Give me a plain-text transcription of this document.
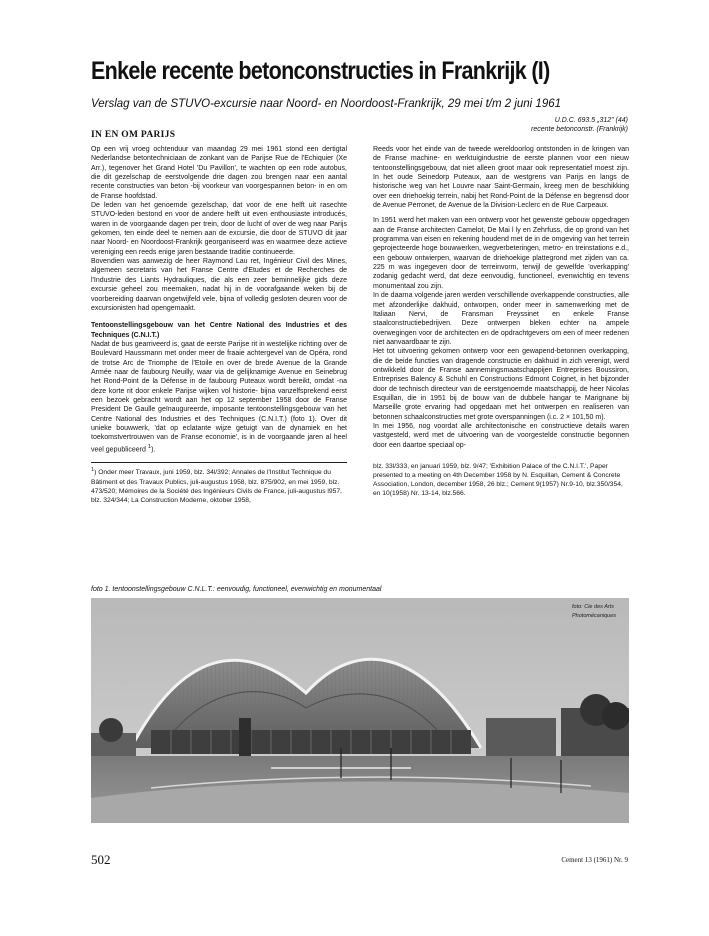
Enkele recente betonconstructies in Frankrijk (I)
Verslag van de STUVO-excursie naar Noord- en Noordoost-Frankrijk, 29 mei t/m 2 juni 1961
U.D.C. 693.5 „312" (44)
recente betonconstr. (Frankrijk)
IN EN OM PARIJS

Op een vrij vroeg ochtenduur van maandag 29 mei 1961 stond een dertigtal Nederlandse betontechniciaan de zonkant van de Parijse Rue de l'Echiquier (Xe Arr.), tegenover het Grand Hotel 'Du Pavillon', te wachten op een rode autobus, die dit gezelschap de eerstvolgende drie dagen zou brengen naar een aantal recente constructies van beton -bij voorkeur van voorgespannen beton- in en om de Franse hoofdstad.

De leden van het genoemde gezelschap, dat voor de ene helft uit rasechte STUVO-leden bestond en voor de andere helft uit even enthousiaste introducés, waren in de voorgaande dagen per trein, door de lucht of over de weg naar Parijs gekomen, ten einde deel te nemen aan de excursie, die door de STUVO dit jaar naar Noord- en Noordoost-Frankrijk georganiseerd was en waarmee deze actieve vereniging een reeds enige jaren bestaande traditie continueerde.

Bovendien was aanwezig de heer Raymond Lau ret, Ingénieur Civil des Mines, algemeen secretaris van het Franse Centre d'Etudes et de Recherches de l'Industrie des Liants Hydrauliques, die als een zeer beminnelijke gids deze excursie geheel zou meemaken, nadat hij in de voorafgaande weken bij de voorbereiding daarvan ongetwijfeld vele, bijna of volledig gesloten deuren voor de excursionisten had opengemaakt.

Tentoonstellingsgebouw van het Centre National des Industries et des Techniques (C.N.I.T.)

Nadat de bus gearriveerd is, gaat de eerste Parijse rit in westelijke richting over de Boulevard Haussmann met onder meer de fraaie achtergevel van de Opéra, rond de trotse Arc de Triomphe de l'Etoile en over de brede Avenue de la Grande Armée naar de faubourg Neuilly, waar via de gelijknamige Avenue en Seinebrug het Rond-Point de la Défense in de faubourg Puteaux wordt bereikt, omdat -na deze korte rit door enkele Parijse wijken vol historie- bijna vanzelfsprekend eerst een bezoek gebracht wordt aan het op 12 september 1958 door de Franse President De Gaulle geïnaugureerde, imposante tentoonstellingsgebouw van het Centre National des Industries et des Techniques (C.N.I.T.) (foto 1). Over dit unieke bouwwerk, 'dat op eclatante wijze getuigt van de dynamiek en het toekomstvertrouwen van de Franse economie', is in de voorgaande jaren al heel veel gepubliceerd $^1$).

$^1$) Onder meer Travaux, juni 1959, blz. 34l/392; Annales de l'Institut Technique du Bâtiment et des Travaux Publics, juli-augustus 1958, blz. 875/902, en mei 1959, blz. 473/520; Mémoires de la Société des Ingénieurs Civils de France, juli-augustus l957, blz. 324/344; La Construction Moderne, oktober 1958,

Reeds voor het einde van de tweede wereldoorlog ontstonden in de kringen van de Franse machine- en werktuigindustrie de eerste plannen voor een nieuw tentoonstellingsgebouw, dat niet alleen groot maar ook representatief moest zijn. In het oude Seinedorp Puteaux, aan de westgrens van Parijs en langs de historische weg van het Louvre naar Saint-Germain, kreeg men de beschikking over een driehoekig terrein, nabij het Rond-Point de la Défense en begrensd door de Avenue Perronet, de Avenue de la Division-Leclerc en de Rue Carpeaux.

In 1951 werd het maken van een ontwerp voor het gewenste gebouw opgedragen aan de Franse architecten Camelot, De Mai l ly en Zehrfuss, die op grond van het programma van eisen en rekening houdend met de in de omgeving van het terrein geprojecteerde hoge bouwwerken, wegverbeteringen, metro- en treinstations e.d., een gebouw ontwierpen, waarvan de driehoekige plattegrond met zijden van ca. 225 m was ingegeven door de terreinvorm, terwijl de gewelfde 'overkapping' zodanig gedacht werd, dat deze eenvoudig, functioneel, evenwichtig en tevens monumentaal zou zijn.

In de daarna volgende jaren werden verschillende overkappende constructies, alle met afzonderlijke dakhuid, ontworpen, onder meer in samenwerking met de Italiaan Nervi, de Fransman Freyssinet en enkele Franse staalconstructiebedrijven. Deze ontwerpen bleken echter na ampele overwegingen voor de architecten en de opdrachtgevers om een of meer redenen niet aanvaardbaar te zijn.

Het tot uitvoering gekomen ontwerp voor een gewapend-betonnen overkapping, die de beide functies van dragende constructie en dakhuid in zich verenigt, werd ontwikkeld door de Franse aannemingsmaatschappijen Entreprises Boussiron, Entreprises Balency & Schuhl en Constructions Edmont Coignet, in het bijzonder door de technisch directeur van de eerstgenoemde maatschappij, de heer Nicolas Esquillan, die in 1951 bij de bouw van de dubbele hangar te Marignane bij Marseille grote ervaring had opgedaan met het ontwerpen en realiseren van betonnen schaalconstructies met grote overspanningen (i.c. 2 × 101,50 m).

In mei 1956, nog voordat alle architectonische en constructieve details waren vastgesteld, werd met de uitvoering van de voorgestelde constructie begonnen door een daartoe speciaal op-

blz. 33l/333, en januari 1959, blz. 9/47; 'Exhibition Palace of the C.N.I.T.', Paper presented to a meeting on 4th December 1958 by N. Esquillan, Cement & Concrete Association, London, december 1958, 26 blz.; Cement 9(1957) Nr.9-10, blz.350/354, en 10(1958) Nr. 13-14, blz.566.

foto 1. tentoonstellingsgebouw C.N.L.T.: eenvoudig, functioneel, evenwichtig en monumentaal
foto: Cie des Arts
Photomécaniques
502	Cement 13 (1961) Nr. 9
